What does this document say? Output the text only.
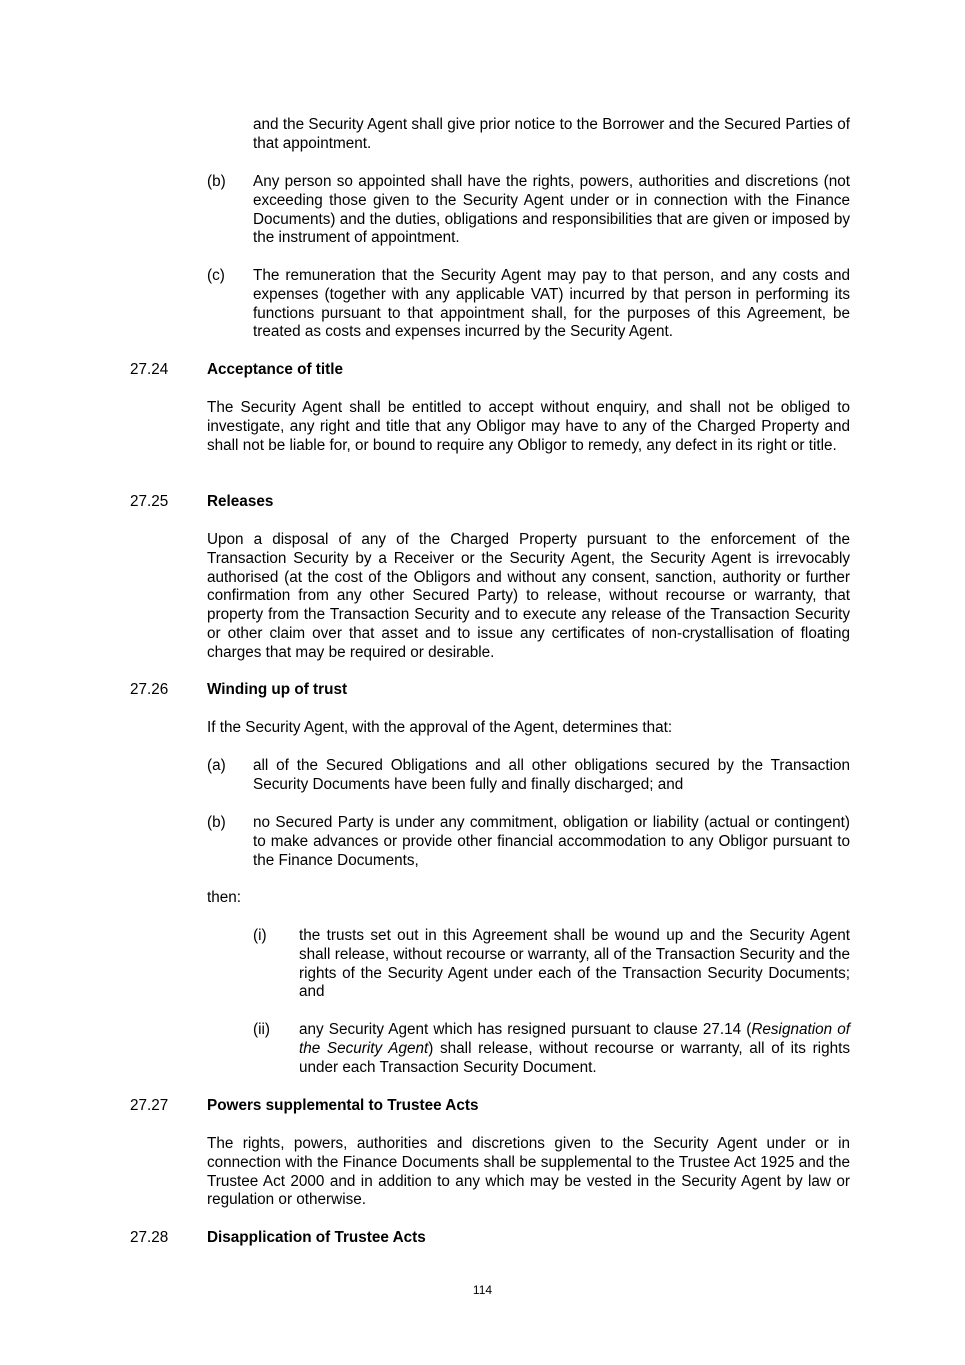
and the Security Agent shall give prior notice to the Borrower and the Secured Parties of that appointment.
(b) Any person so appointed shall have the rights, powers, authorities and discretions (not exceeding those given to the Security Agent under or in connection with the Finance Documents) and the duties, obligations and responsibilities that are given or imposed by the instrument of appointment.
(c) The remuneration that the Security Agent may pay to that person, and any costs and expenses (together with any applicable VAT) incurred by that person in performing its functions pursuant to that appointment shall, for the purposes of this Agreement, be treated as costs and expenses incurred by the Security Agent.
27.24	Acceptance of title
The Security Agent shall be entitled to accept without enquiry, and shall not be obliged to investigate, any right and title that any Obligor may have to any of the Charged Property and shall not be liable for, or bound to require any Obligor to remedy, any defect in its right or title.
27.25	Releases
Upon a disposal of any of the Charged Property pursuant to the enforcement of the Transaction Security by a Receiver or the Security Agent, the Security Agent is irrevocably authorised (at the cost of the Obligors and without any consent, sanction, authority or further confirmation from any other Secured Party) to release, without recourse or warranty, that property from the Transaction Security and to execute any release of the Transaction Security or other claim over that asset and to issue any certificates of non-crystallisation of floating charges that may be required or desirable.
27.26	Winding up of trust
If the Security Agent, with the approval of the Agent, determines that:
(a) all of the Secured Obligations and all other obligations secured by the Transaction Security Documents have been fully and finally discharged; and
(b) no Secured Party is under any commitment, obligation or liability (actual or contingent) to make advances or provide other financial accommodation to any Obligor pursuant to the Finance Documents,
then:
(i) the trusts set out in this Agreement shall be wound up and the Security Agent shall release, without recourse or warranty, all of the Transaction Security and the rights of the Security Agent under each of the Transaction Security Documents; and
(ii) any Security Agent which has resigned pursuant to clause 27.14 (Resignation of the Security Agent) shall release, without recourse or warranty, all of its rights under each Transaction Security Document.
27.27	Powers supplemental to Trustee Acts
The rights, powers, authorities and discretions given to the Security Agent under or in connection with the Finance Documents shall be supplemental to the Trustee Act 1925 and the Trustee Act 2000 and in addition to any which may be vested in the Security Agent by law or regulation or otherwise.
27.28	Disapplication of Trustee Acts
114
